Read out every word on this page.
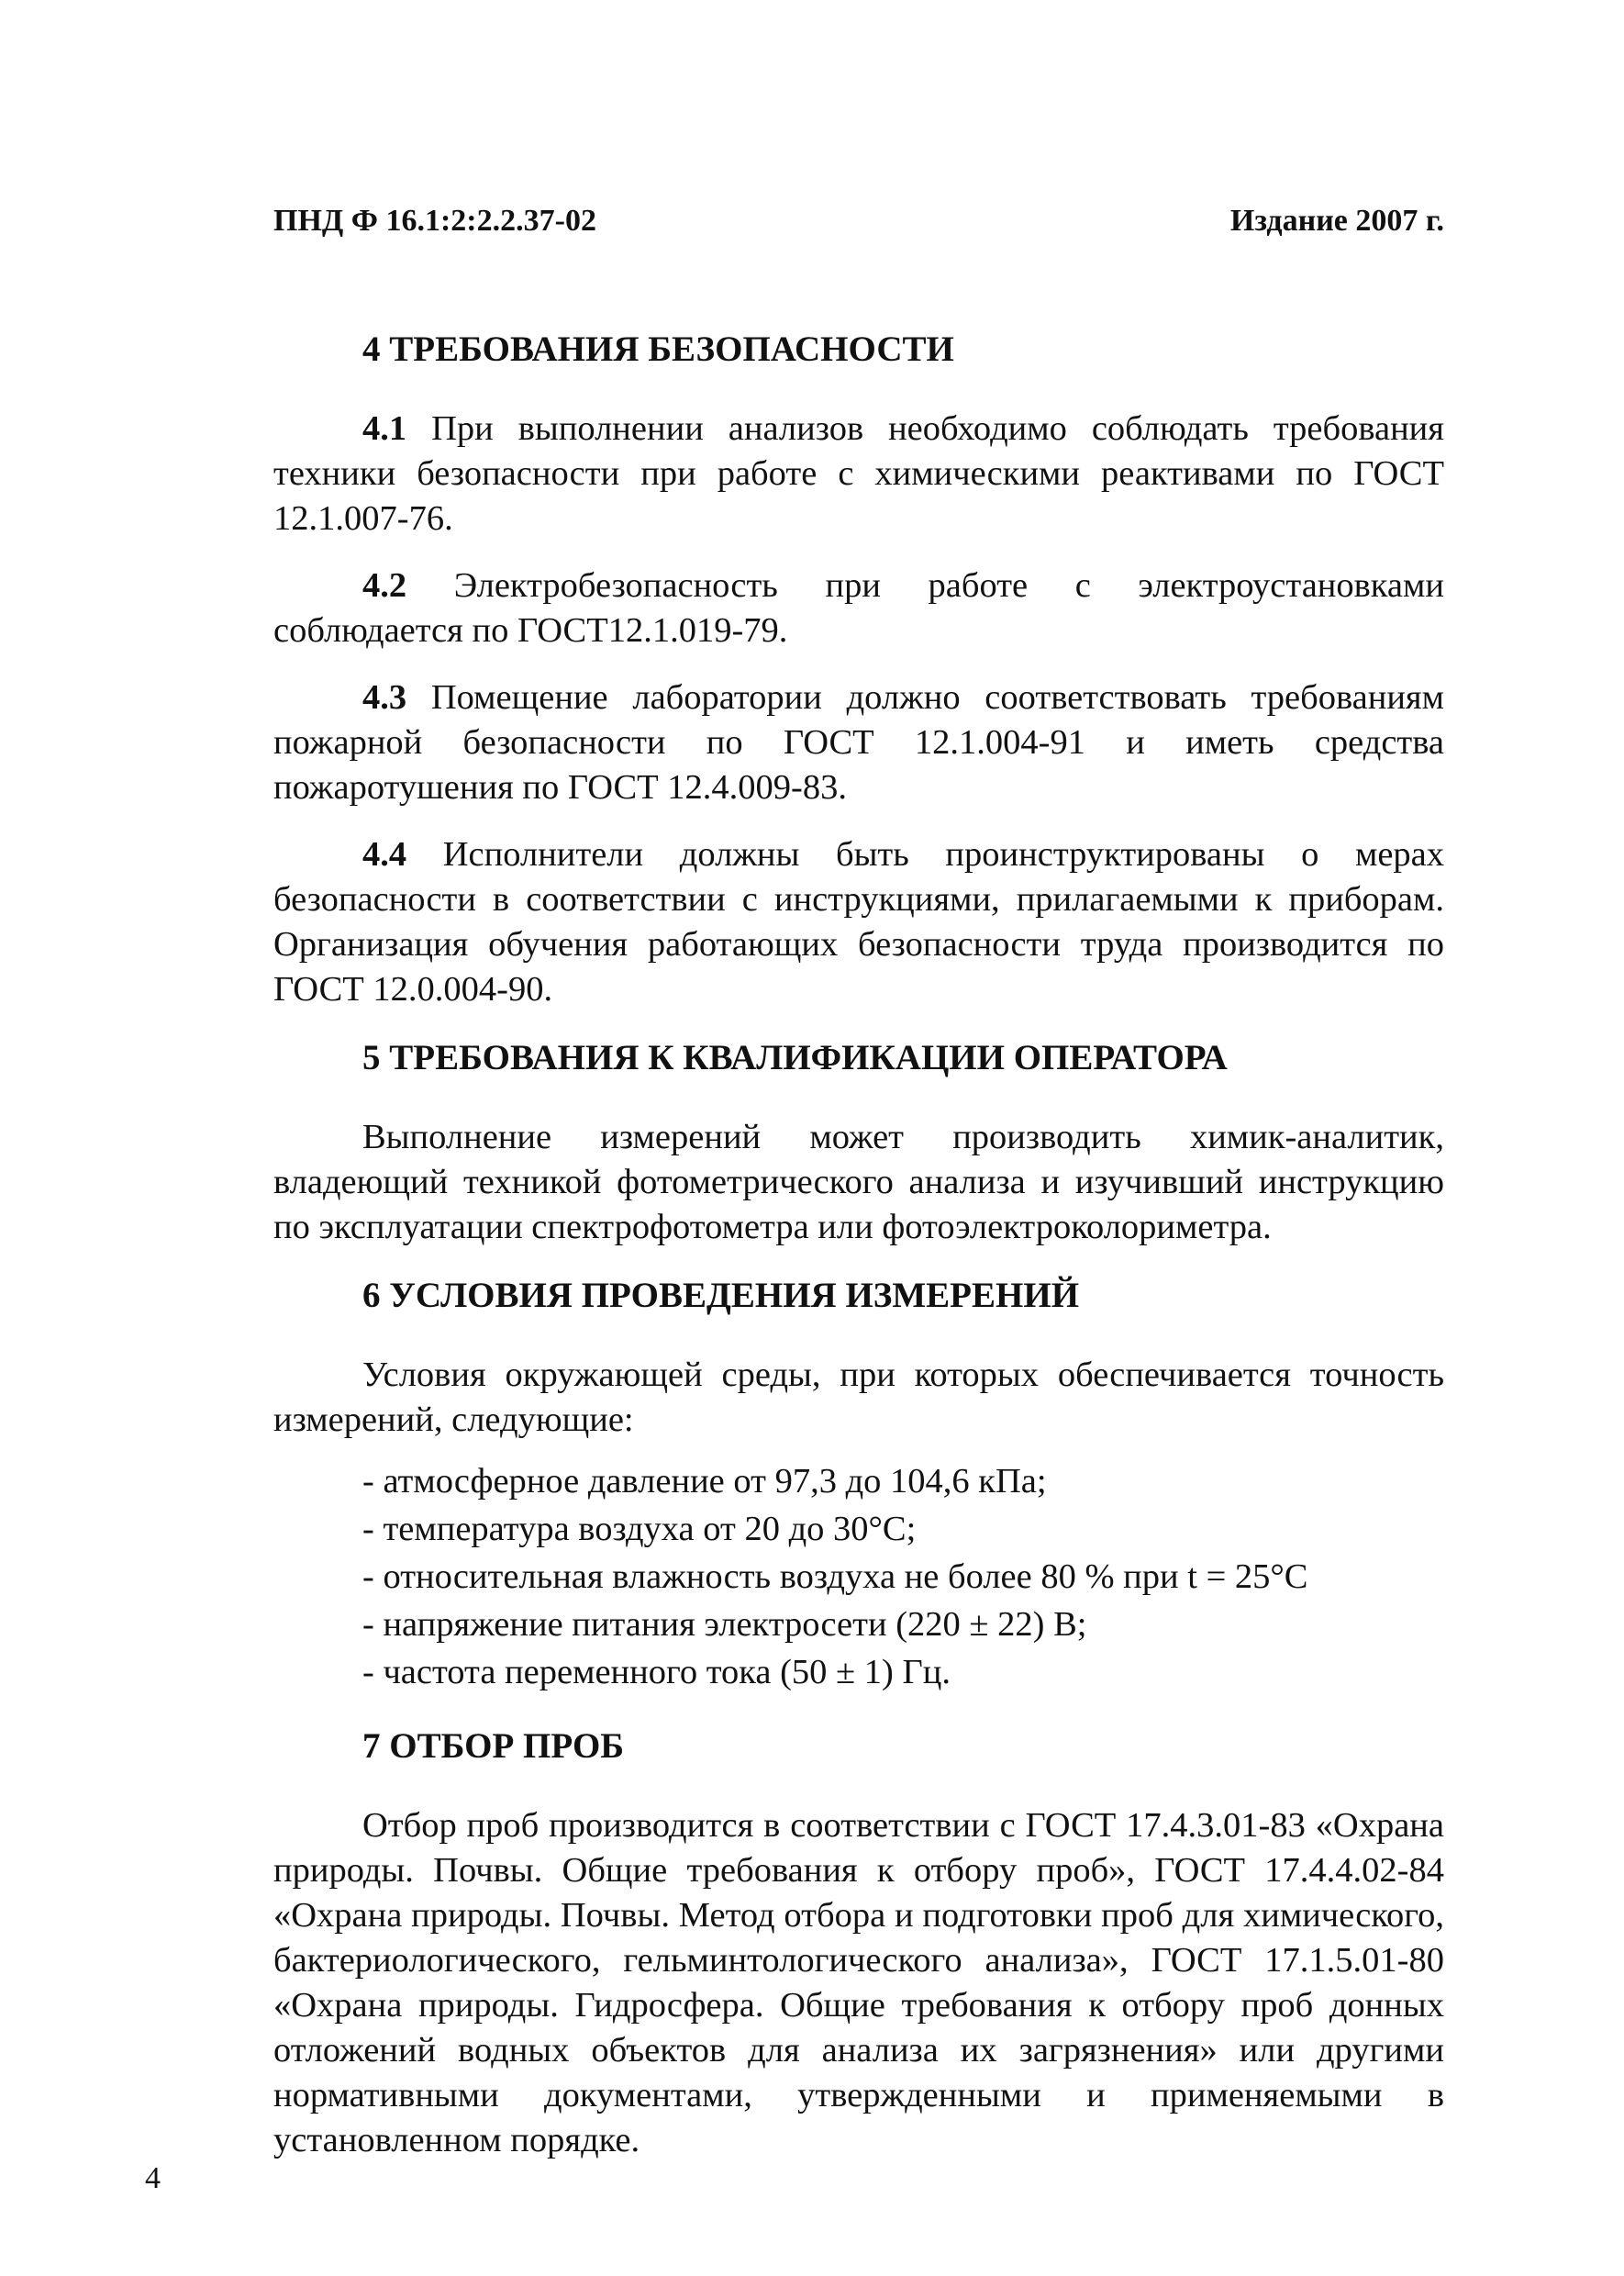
ПНД Ф 16.1:2:2.2.37-02	Издание 2007 г.
4 ТРЕБОВАНИЯ БЕЗОПАСНОСТИ

4.1 При выполнении анализов необходимо соблюдать требования техники безопасности при работе с химическими реактивами по ГОСТ 12.1.007-76.

4.2 Электробезопасность при работе с электроустановками соблюдается по ГОСТ12.1.019-79.

4.3 Помещение лаборатории должно соответствовать требованиям пожарной безопасности по ГОСТ 12.1.004-91 и иметь средства пожаротушения по ГОСТ 12.4.009-83.

4.4 Исполнители должны быть проинструктированы о мерах безопасности в соответствии с инструкциями, прилагаемыми к приборам. Организация обучения работающих безопасности труда производится по ГОСТ 12.0.004-90.

5 ТРЕБОВАНИЯ К КВАЛИФИКАЦИИ ОПЕРАТОРА

Выполнение измерений может производить химик-аналитик, владеющий техникой фотометрического анализа и изучивший инструкцию по эксплуатации спектрофотометра или фотоэлектроколориметра.

6 УСЛОВИЯ ПРОВЕДЕНИЯ ИЗМЕРЕНИЙ

Условия окружающей среды, при которых обеспечивается точность измерений, следующие:

- атмосферное давление от 97,3 до 104,6 кПа;
- температура воздуха от 20 до 30°С;
- относительная влажность воздуха не более 80 % при t = 25°С
- напряжение питания электросети (220 ± 22) В;
- частота переменного тока (50 ± 1) Гц.
7 ОТБОР ПРОБ

Отбор проб производится в соответствии с ГОСТ 17.4.3.01-83 «Охрана природы. Почвы. Общие требования к отбору проб», ГОСТ 17.4.4.02-84 «Охрана природы. Почвы. Метод отбора и подготовки проб для химического, бактериологического, гельминтологического анализа», ГОСТ 17.1.5.01-80 «Охрана природы. Гидросфера. Общие требования к отбору проб донных отложений водных объектов для анализа их загрязнения» или другими нормативными документами, утвержденными и применяемыми в установленном порядке.

4
